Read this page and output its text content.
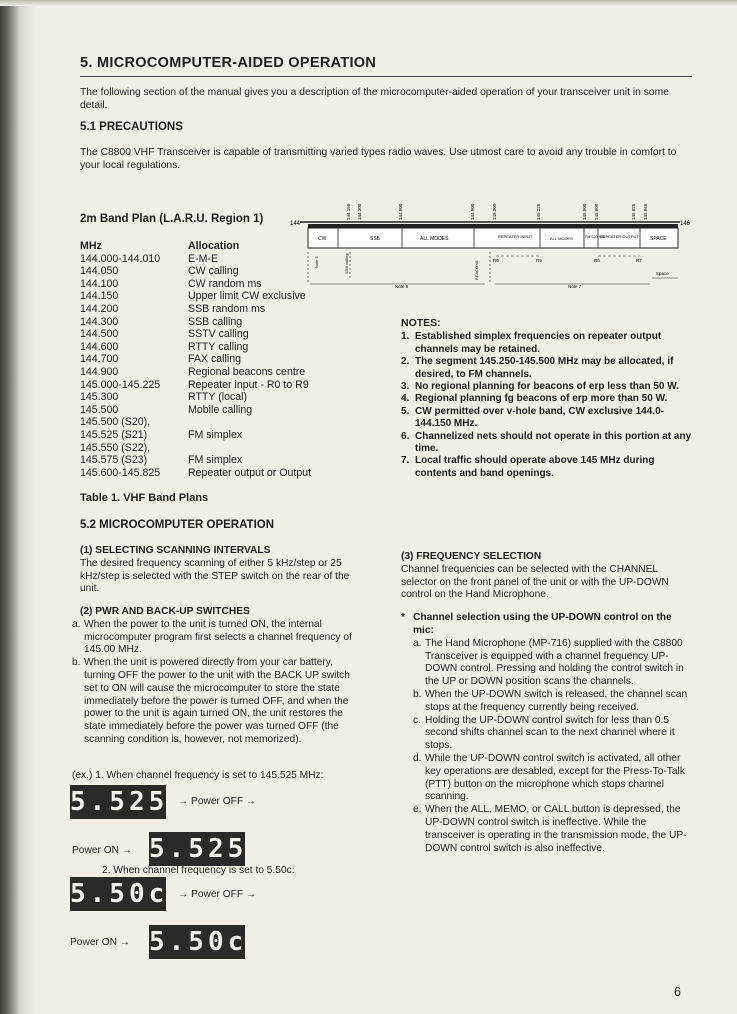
5. MICROCOMPUTER-AIDED OPERATION

The following section of the manual gives you a description of the microcomputer-aided operation of your transceiver unit in some detail.

5.1 PRECAUTIONS

The C8800 VHF Transceiver is capable of transmitting varied types radio waves. Use utmost care to avoid any trouble in comfort to your local regulations.

2m Band Plan (L.A.R.U. Region 1)	144	146
144.150 144.300	144.500	144.900	145.000	145.225	145.500 145.600	145.825 145.845
CW	SSB	ALL MODES	REPEATER INPUT	ALL MODES	FM S20 S23
REPEATER OUTPUT SPACE
Note 5	SSB calling	BEACONS	R0	R9	R0	R7
Note 6	Note 7
Space
MHz	Allocation
144.000-144.010	E-M-E
144.050	CW calling
144.100	CW random ms
144.150	Upper limit CW exclusive
144.200	SSB random ms
144.300	SSB calling
144.500	SSTV calling
144.600	RTTY calling
144.700	FAX calling
144.900	Regional beacons centre
145.000-145.225	Repeater input - R0 to R9
145.300	RTTY (local)
145.500	Mobile calling
145.500 (S20),
145.525 (S21)	FM simplex
145.550 (S22),
145.575 (S23)	FM simplex
145.600-145.825	Repeater output or Output
NOTES:
1. Established simplex frequencies on repeater output channels may be retained.
2. The segment 145.250-145.500 MHz may be allocated, if desired, to FM channels.
3. No regional planning for beacons of erp less than 50 W.
4. Regional planning fg beacons of erp more than 50 W.
5. CW permitted over v-hole band, CW exclusive 144.0-144.150 MHz.
6. Channelized nets should not operate in this portion at any time.
7. Local traffic should operate above 145 MHz during contents and band openings.
Table 1. VHF Band Plans
5.2 MICROCOMPUTER OPERATION
(1) SELECTING SCANNING INTERVALS
The desired frequency scanning of either 5 kHz/step or 25 kHz/step is selected with the STEP switch on the rear of the unit.
(2) PWR AND BACK-UP SWITCHES
a. When the power to the unit is turned ON, the internal microcomputer program first selects a channel frequency of 145.00 MHz.
b. When the unit is powered directly from your car battery, turning OFF the power to the unit with the BACK UP switch set to ON will cause the microcomputer to store the state immediately before the power is turned OFF, and when the power to the unit is again turned ON, the unit restores the state immediately before the power was turned OFF (the scanning condition is, however, not memorized).
(ex.) 1. When channel frequency is set to 145.525 MHz:
5.525 → Power OFF →
Power ON → 5.525
2. When channel frequency is set to 5.50c:
5.50c → Power OFF →
Power ON → 5.50c
(3) FREQUENCY SELECTION
Channel frequencies can be selected with the CHANNEL selector on the front panel of the unit or with the UP-DOWN control on the Hand Microphone.
* Channel selection using the UP-DOWN control on the mic:
a. The Hand Microphone (MP-716) supplied with the C8800 Transceiver is equipped with a channel frequency UP-DOWN control. Pressing and holding the control switch in the UP or DOWN position scans the channels.
b. When the UP-DOWN switch is released, the channel scan stops at the frequency currently being received.
c. Holding the UP-DOWN control switch for less than 0.5 second shifts channel scan to the next channel where it stops.
d. While the UP-DOWN control switch is activated, all other key operations are desabled, except for the Press-To-Talk (PTT) button on the microphone which stops channel scanning.
e. When the ALL, MEMO, or CALL button is depressed, the UP-DOWN control switch is ineffective. While the transceiver is operating in the transmission mode, the UP-DOWN control switch is also ineffective.
6
